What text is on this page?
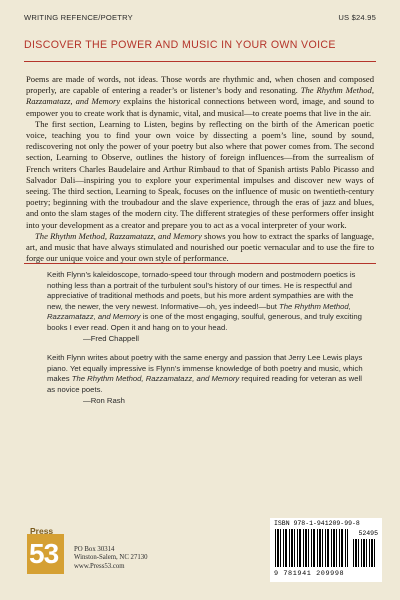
WRITING REFENCE/POETRY	US $24.95
DISCOVER THE POWER AND MUSIC IN YOUR OWN VOICE

Poems are made of words, not ideas. Those words are rhythmic and, when chosen and composed properly, are capable of entering a reader’s or listener’s body and resonating. The Rhythm Method, Razzamatazz, and Memory explains the historical connections between word, image, and sound to empower you to create work that is dynamic, vital, and musical—to create poems that live in the air.

The first section, Learning to Listen, begins by reflecting on the birth of the American poetic voice, teaching you to find your own voice by dissecting a poem’s line, sound by sound, rediscovering not only the power of your poetry but also where that power comes from. The second section, Learning to Observe, outlines the history of foreign influences—from the surrealism of French writers Charles Baudelaire and Arthur Rimbaud to that of Spanish artists Pablo Picasso and Salvador Dali—inspiring you to explore your experimental impulses and discover new ways of seeing. The third section, Learning to Speak, focuses on the influence of music on twentieth-century poetry; beginning with the troubadour and the slave experience, through the eras of jazz and blues, and onto the slam stages of the modern city. The different strategies of these performers offer insight into your development as a creator and prepare you to act as a vocal interpreter of your work.

The Rhythm Method, Razzamatazz, and Memory shows you how to extract the sparks of language, art, and music that have always stimulated and nourished our poetic vernacular and to use the fire to forge our unique voice and your own style of performance.

Keith Flynn’s kaleidoscope, tornado-speed tour through modern and postmodern poetics is nothing less than a portrait of the turbulent soul’s history of our times. He is respectful and appreciative of traditional methods and poets, but his more ardent sympathies are with the new, the newer, the very newest. Informative—oh, yes indeed!—but The Rhythm Method, Razzamatazz, and Memory is one of the most engaging, soulful, generous, and truly exciting books I ever read. Open it and hang on to your head.
—Fred Chappell
Keith Flynn writes about poetry with the same energy and passion that Jerry Lee Lewis plays piano. Yet equally impressive is Flynn’s immense knowledge of both poetry and music, which makes The Rhythm Method, Razzamatazz, and Memory required reading for veteran as well as novice poets.
—Ron Rash
Press
53 PO Box 30314
Winston-Salem, NC 27130
www.Press53.com
ISBN 978-1-941209-99-8
52495
9 781941 209998
